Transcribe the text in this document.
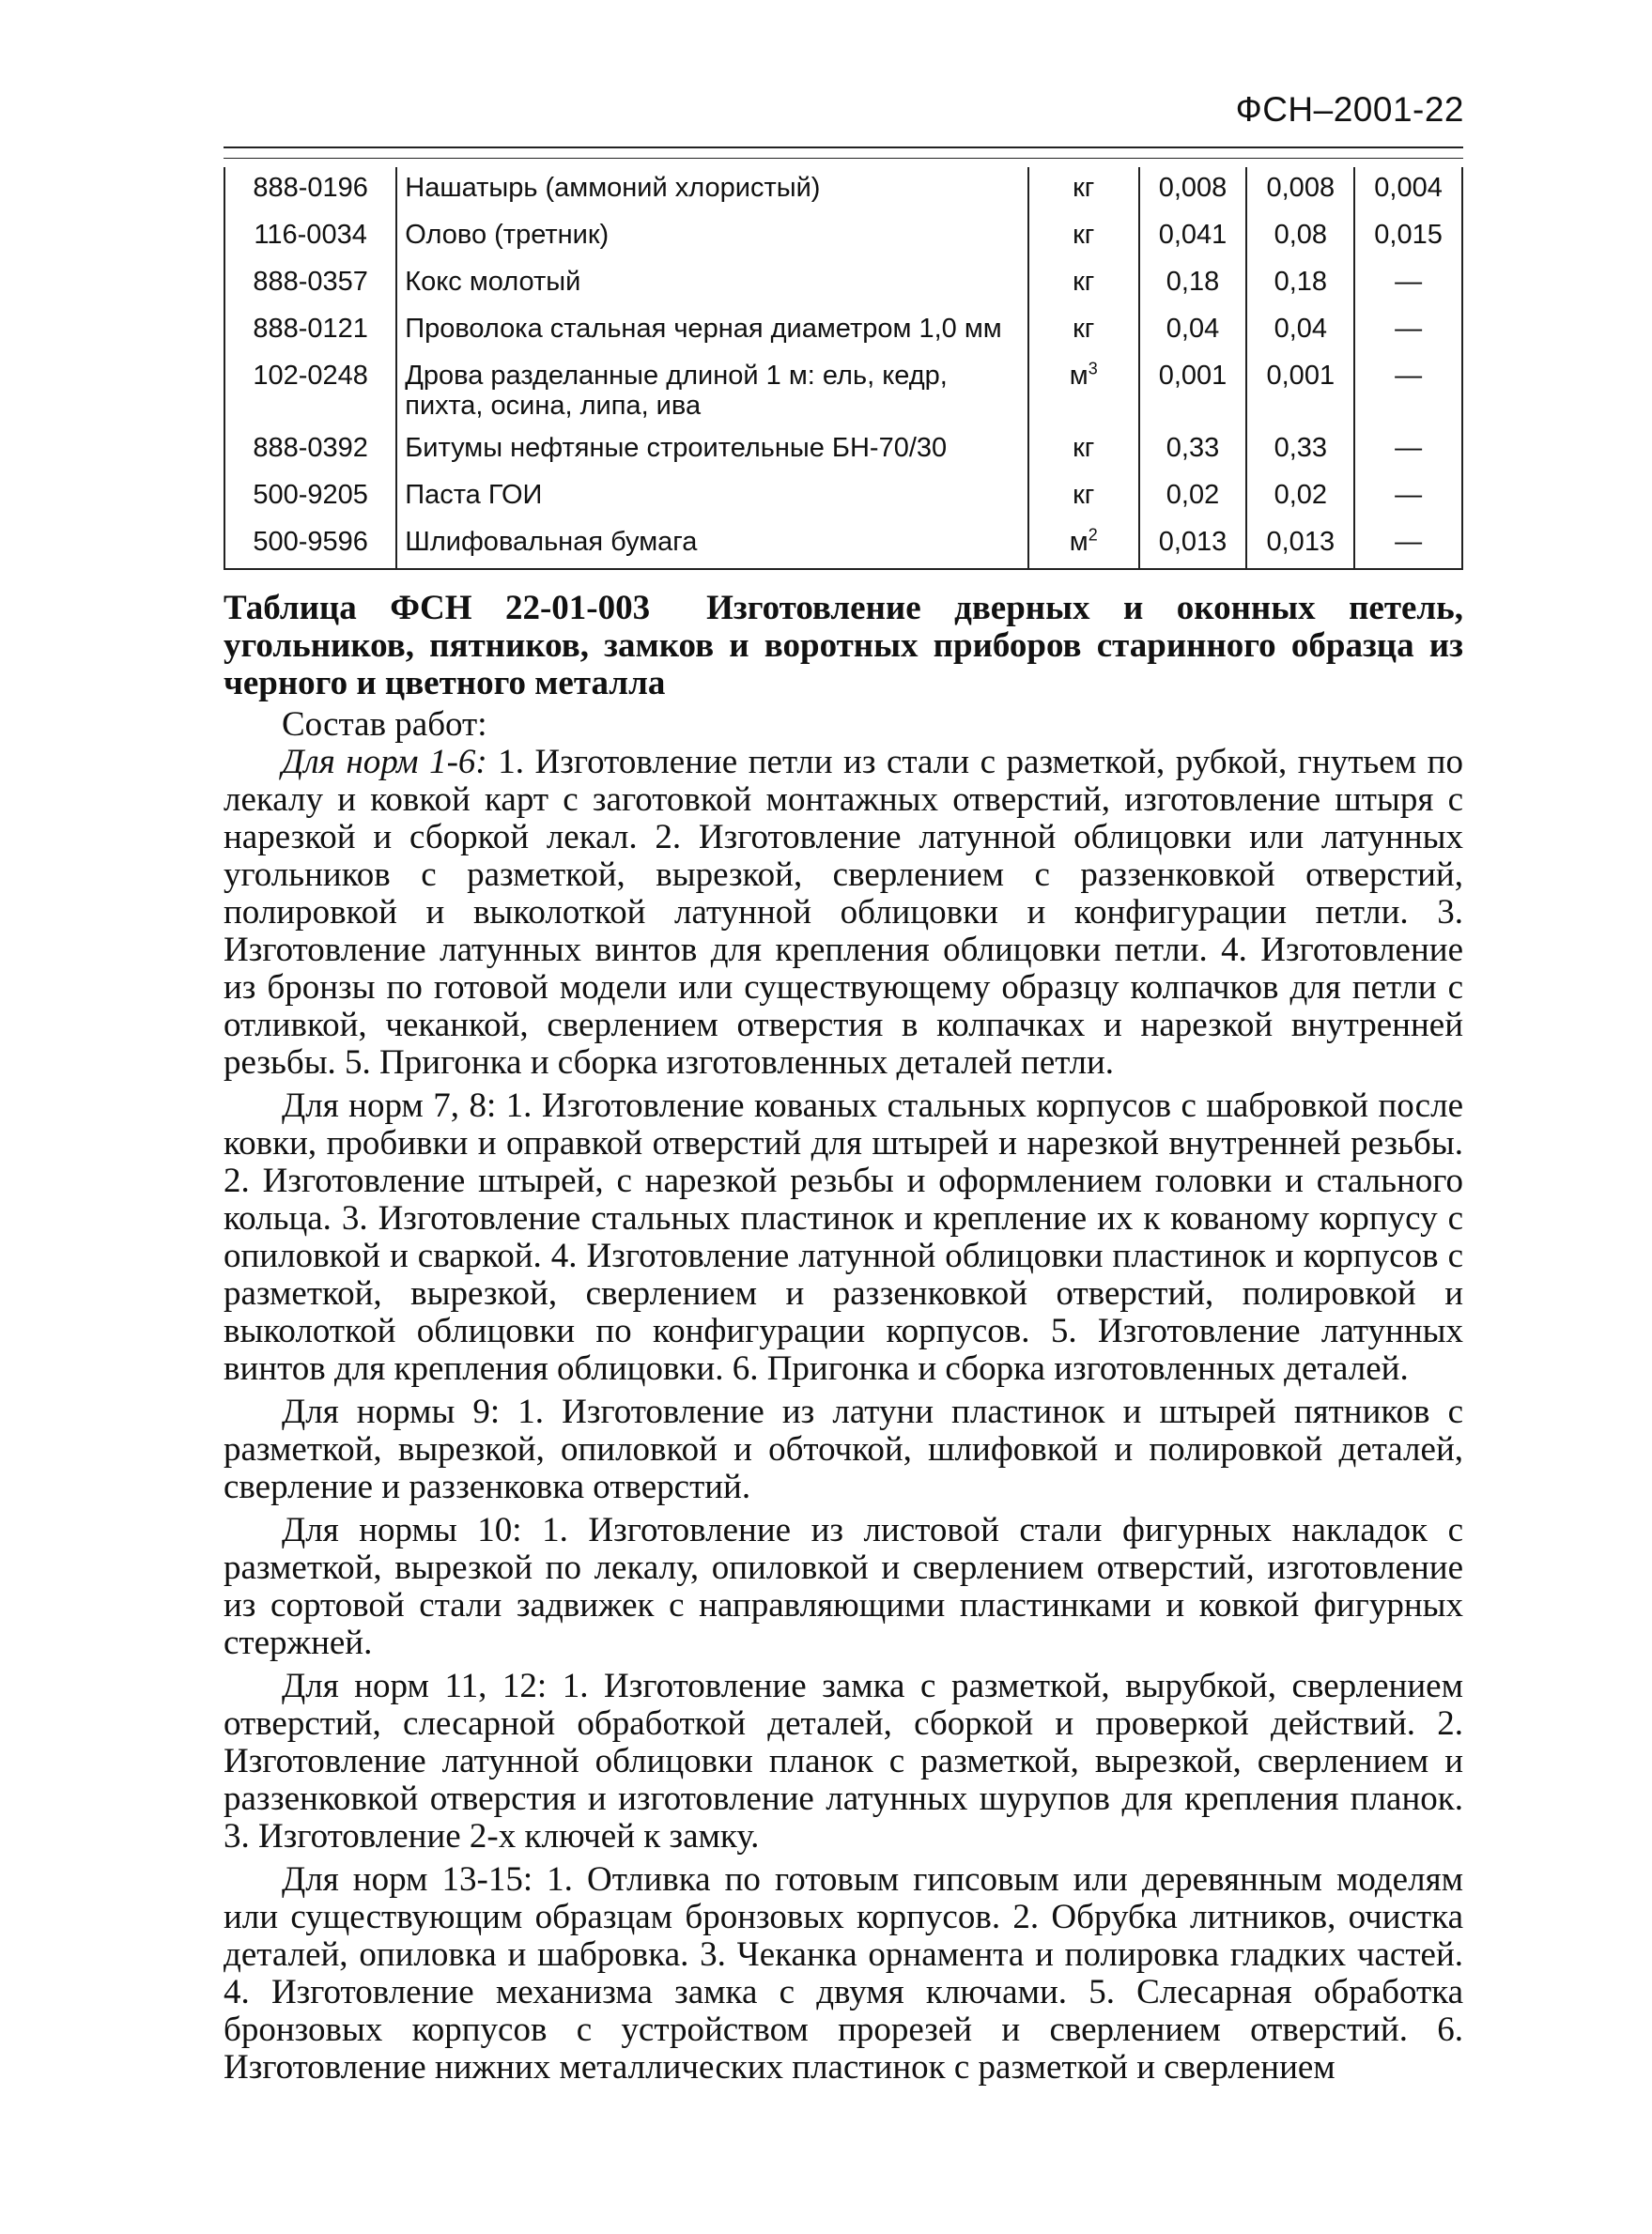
ФСН–2001-22
888-0196	Нашатырь (аммоний хлористый)	кг	0,008	0,008	0,004
116-0034	Олово (третник)	кг	0,041	0,08	0,015
888-0357	Кокс молотый	кг	0,18	0,18	—
888-0121	Проволока стальная черная диаметром 1,0 мм	кг	0,04	0,04	—
102-0248	Дрова разделанные длиной 1 м: ель, кедр, пихта, осина, липа, ива	$м^3$	0,001	0,001	—
888-0392	Битумы нефтяные строительные БН-70/30	кг	0,33	0,33	—
500-9205	Паста ГОИ	кг	0,02	0,02	—
500-9596	Шлифовальная бумага	$м^2$	0,013	0,013	—

Таблица ФСН 22-01-003 Изготовление дверных и оконных петель, угольников, пятников, замков и воротных приборов старинного образца из черного и цветного металла

Состав работ:

Для норм 1-6: 1. Изготовление петли из стали с разметкой, рубкой, гнутьем по лекалу и ковкой карт с заготовкой монтажных отверстий, изготовление штыря с нарезкой и сборкой лекал. 2. Изготовление латунной облицовки или латунных угольников с разметкой, вырезкой, сверлением с раззенковкой отверстий, полировкой и выколоткой латунной облицовки и конфигурации петли. 3. Изготовление латунных винтов для крепления облицовки петли. 4. Изготовление из бронзы по готовой модели или существующему образцу колпачков для петли с отливкой, чеканкой, сверлением отверстия в колпачках и нарезкой внутренней резьбы. 5. Пригонка и сборка изготовленных деталей петли.

Для норм 7, 8: 1. Изготовление кованых стальных корпусов с шабровкой после ковки, пробивки и оправкой отверстий для штырей и нарезкой внутренней резьбы. 2. Изготовление штырей, с нарезкой резьбы и оформлением головки и стального кольца. 3. Изготовление стальных пластинок и крепление их к кованому корпусу с опиловкой и сваркой. 4. Изготовление латунной облицовки пластинок и корпусов с разметкой, вырезкой, сверлением и раззенковкой отверстий, полировкой и выколоткой облицовки по конфигурации корпусов. 5. Изготовление латунных винтов для крепления облицовки. 6. Пригонка и сборка изготовленных деталей.

Для нормы 9: 1. Изготовление из латуни пластинок и штырей пятников с разметкой, вырезкой, опиловкой и обточкой, шлифовкой и полировкой деталей, сверление и раззенковка отверстий.

Для нормы 10: 1. Изготовление из листовой стали фигурных накладок с разметкой, вырезкой по лекалу, опиловкой и сверлением отверстий, изготовление из сортовой стали задвижек с направляющими пластинками и ковкой фигурных стержней.

Для норм 11, 12: 1. Изготовление замка с разметкой, вырубкой, сверлением отверстий, слесарной обработкой деталей, сборкой и проверкой действий. 2. Изготовление латунной облицовки планок с разметкой, вырезкой, сверлением и раззенковкой отверстия и изготовление латунных шурупов для крепления планок. 3. Изготовление 2-х ключей к замку.

Для норм 13-15: 1. Отливка по готовым гипсовым или деревянным моделям или существующим образцам бронзовых корпусов. 2. Обрубка литников, очистка деталей, опиловка и шабровка. 3. Чеканка орнамента и полировка гладких частей. 4. Изготовление механизма замка с двумя ключами. 5. Слесарная обработка бронзовых корпусов с устройством прорезей и сверлением отверстий. 6. Изготовление нижних металлических пластинок с разметкой и сверлением
